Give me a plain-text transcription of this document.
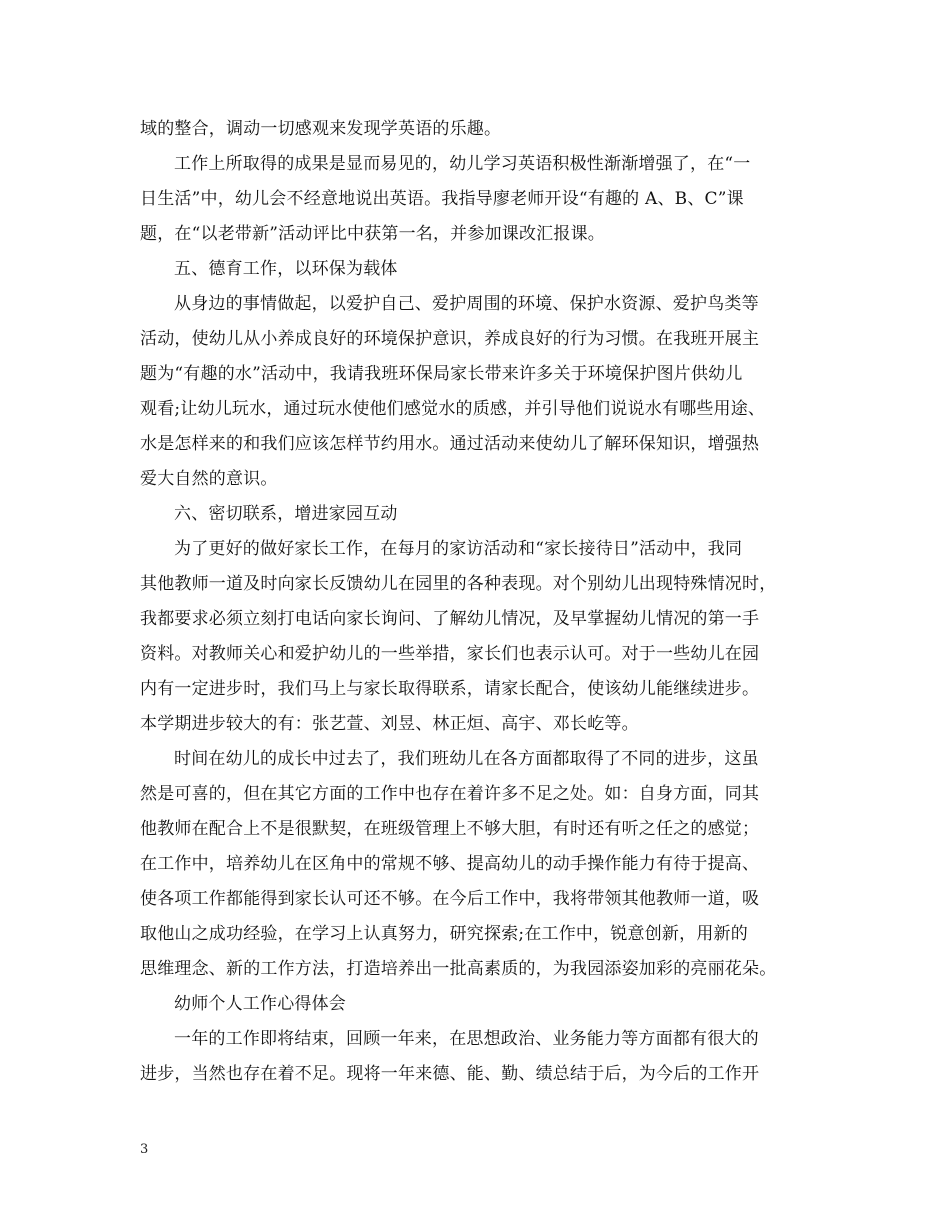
域的整合，调动一切感观来发现学英语的乐趣。
工作上所取得的成果是显而易见的，幼儿学习英语积极性渐渐增强了，在“一
日生活”中，幼儿会不经意地说出英语。我指导廖老师开设“有趣的 A、B、C”课
题，在“以老带新”活动评比中获第一名，并参加课改汇报课。
五、德育工作，以环保为载体
从身边的事情做起，以爱护自己、爱护周围的环境、保护水资源、爱护鸟类等
活动，使幼儿从小养成良好的环境保护意识，养成良好的行为习惯。在我班开展主
题为“有趣的水”活动中，我请我班环保局家长带来许多关于环境保护图片供幼儿
观看;让幼儿玩水，通过玩水使他们感觉水的质感，并引导他们说说水有哪些用途、
水是怎样来的和我们应该怎样节约用水。通过活动来使幼儿了解环保知识，增强热
爱大自然的意识。
六、密切联系，增进家园互动
为了更好的做好家长工作，在每月的家访活动和“家长接待日”活动中，我同
其他教师一道及时向家长反馈幼儿在园里的各种表现。对个别幼儿出现特殊情况时，
我都要求必须立刻打电话向家长询问、了解幼儿情况，及早掌握幼儿情况的第一手
资料。对教师关心和爱护幼儿的一些举措，家长们也表示认可。对于一些幼儿在园
内有一定进步时，我们马上与家长取得联系，请家长配合，使该幼儿能继续进步。
本学期进步较大的有：张艺萱、刘昱、林正烜、高宇、邓长屹等。
时间在幼儿的成长中过去了，我们班幼儿在各方面都取得了不同的进步，这虽
然是可喜的，但在其它方面的工作中也存在着许多不足之处。如：自身方面，同其
他教师在配合上不是很默契，在班级管理上不够大胆，有时还有听之任之的感觉；
在工作中，培养幼儿在区角中的常规不够、提高幼儿的动手操作能力有待于提高、
使各项工作都能得到家长认可还不够。在今后工作中，我将带领其他教师一道，吸
取他山之成功经验，在学习上认真努力，研究探索;在工作中，锐意创新，用新的
思维理念、新的工作方法，打造培养出一批高素质的，为我园添姿加彩的亮丽花朵。
幼师个人工作心得体会
一年的工作即将结束，回顾一年来，在思想政治、业务能力等方面都有很大的
进步，当然也存在着不足。现将一年来德、能、勤、绩总结于后，为今后的工作开
3
